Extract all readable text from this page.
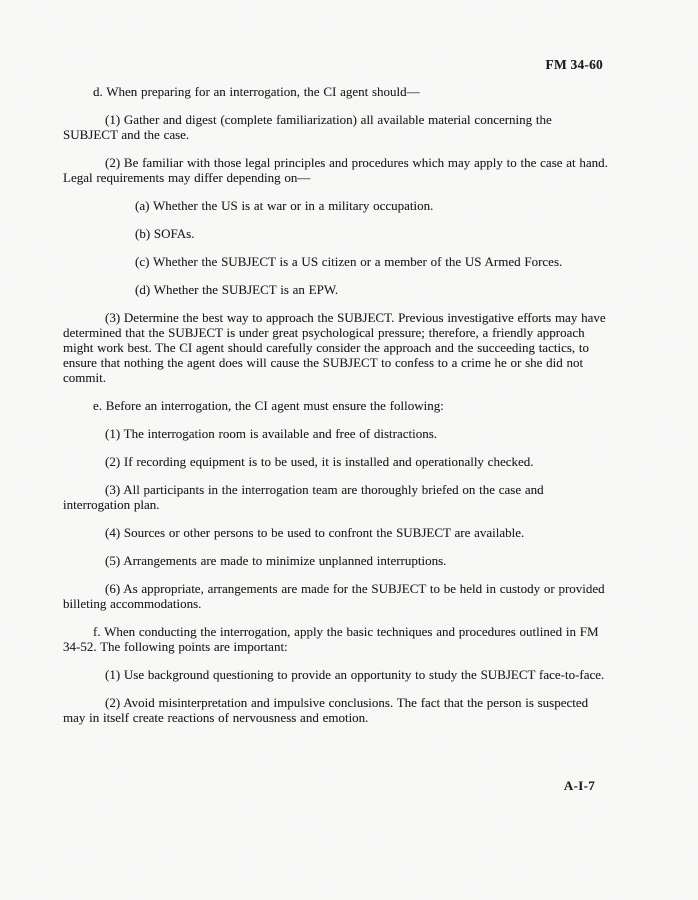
FM 34-60

d. When preparing for an interrogation, the CI agent should—

(1) Gather and digest (complete familiarization) all available material concerning the SUBJECT and the case.

(2) Be familiar with those legal principles and procedures which may apply to the case at hand. Legal requirements may differ depending on—

(a) Whether the US is at war or in a military occupation.

(b) SOFAs.

(c) Whether the SUBJECT is a US citizen or a member of the US Armed Forces.

(d) Whether the SUBJECT is an EPW.

(3) Determine the best way to approach the SUBJECT. Previous investigative efforts may have determined that the SUBJECT is under great psychological pressure; therefore, a friendly approach might work best. The CI agent should carefully consider the approach and the succeeding tactics, to ensure that nothing the agent does will cause the SUBJECT to confess to a crime he or she did not commit.

e. Before an interrogation, the CI agent must ensure the following:

(1) The interrogation room is available and free of distractions.

(2) If recording equipment is to be used, it is installed and operationally checked.

(3) All participants in the interrogation team are thoroughly briefed on the case and interrogation plan.

(4) Sources or other persons to be used to confront the SUBJECT are available.

(5) Arrangements are made to minimize unplanned interruptions.

(6) As appropriate, arrangements are made for the SUBJECT to be held in custody or provided billeting accommodations.

f. When conducting the interrogation, apply the basic techniques and procedures outlined in FM 34-52. The following points are important:

(1) Use background questioning to provide an opportunity to study the SUBJECT face-to-face.

(2) Avoid misinterpretation and impulsive conclusions. The fact that the person is suspected may in itself create reactions of nervousness and emotion.

A-I-7
